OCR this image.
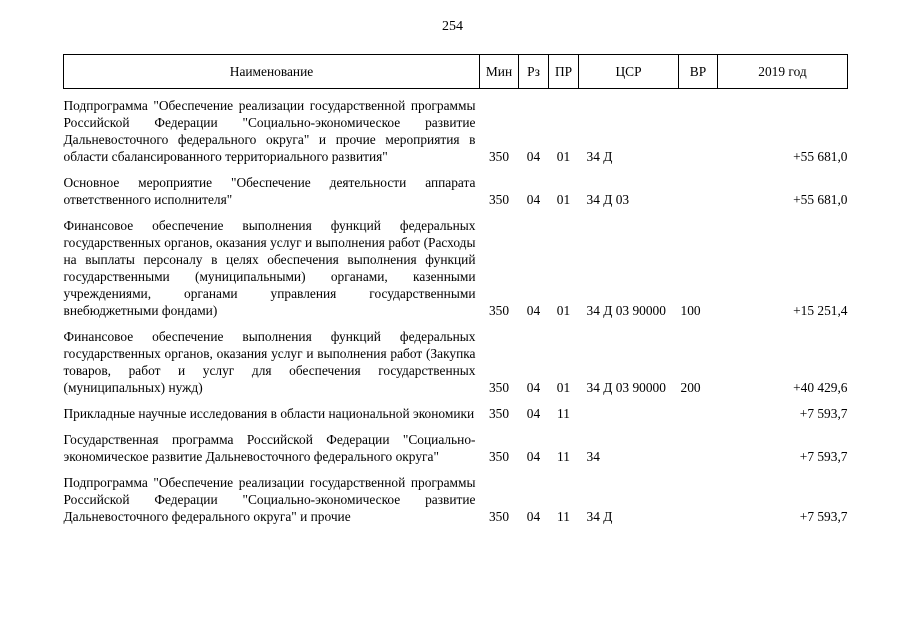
254
Наименование	Мин	Рз	ПР	ЦСР	ВР	2019 год
Подпрограмма "Обеспечение реализации государственной программы Российской Федерации "Социально-экономическое развитие Дальневосточного федерального округа" и прочие мероприятия в области сбалансированного территориального развития"	350	04	01	34 Д		+55 681,0
Основное мероприятие "Обеспечение деятельности аппарата ответственного исполнителя"	350	04	01	34 Д 03		+55 681,0
Финансовое обеспечение выполнения функций федеральных государственных органов, оказания услуг и выполнения работ (Расходы на выплаты персоналу в целях обеспечения выполнения функций государственными (муниципальными) органами, казенными учреждениями, органами управления государственными внебюджетными фондами)	350	04	01	34 Д 03 90000	100	+15 251,4
Финансовое обеспечение выполнения функций федеральных государственных органов, оказания услуг и выполнения работ (Закупка товаров, работ и услуг для обеспечения государственных (муниципальных) нужд)	350	04	01	34 Д 03 90000	200	+40 429,6
Прикладные научные исследования в области национальной экономики	350	04	11			+7 593,7
Государственная программа Российской Федерации "Социально-экономическое развитие Дальневосточного федерального округа"	350	04	11	34		+7 593,7
Подпрограмма "Обеспечение реализации государственной программы Российской Федерации "Социально-экономическое развитие Дальневосточного федерального округа" и прочие	350	04	11	34 Д		+7 593,7
